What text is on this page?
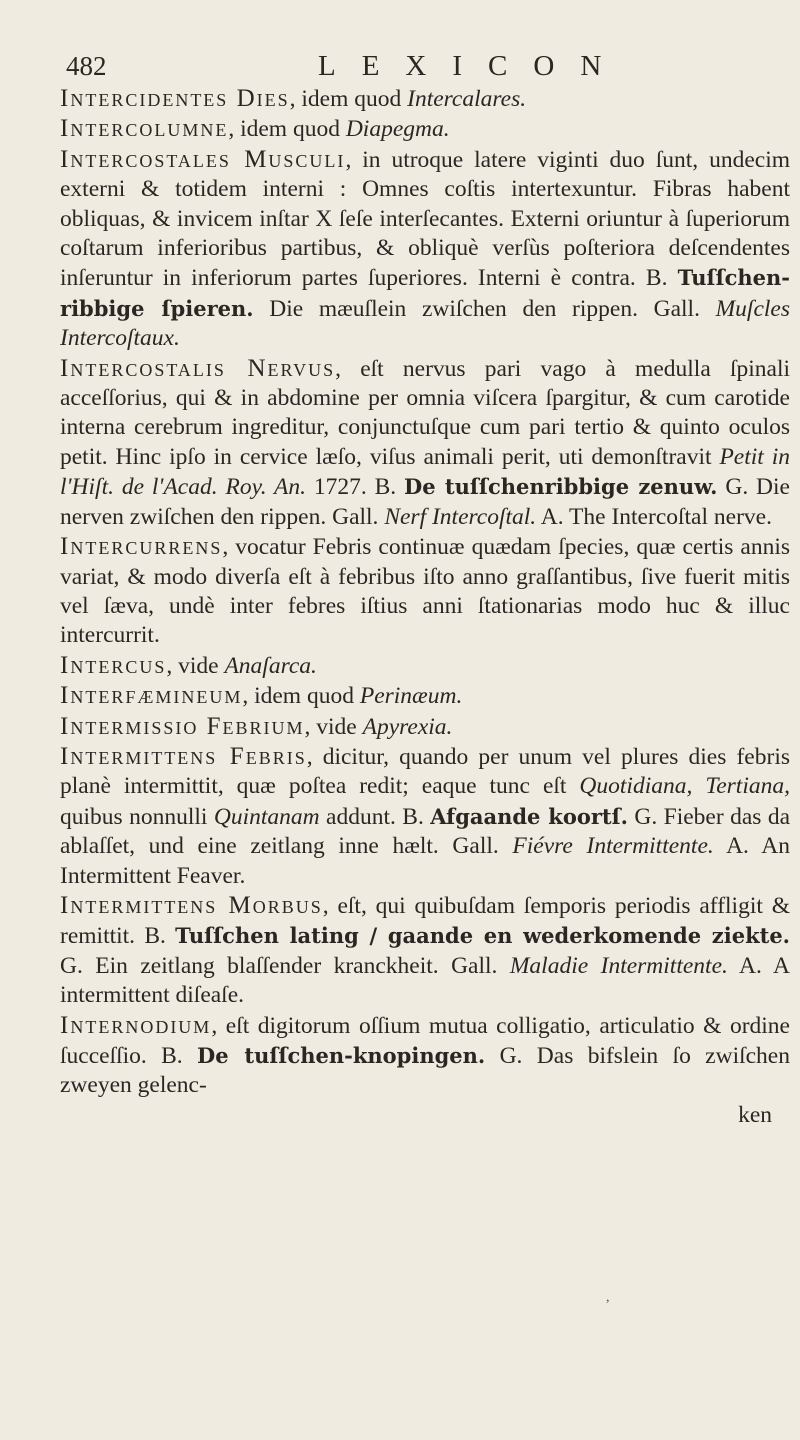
482	LEXICON

Intercidentes Dies, idem quod Intercalares.

Intercolumne, idem quod Diapegma.

Intercostales Musculi, in utroque latere viginti duo ſunt, undecim externi & totidem interni : Omnes coſtis intertexuntur. Fibras habent obliquas, & invicem inſtar X ſeſe interſecantes. Externi oriuntur à ſuperiorum coſtarum inferioribus partibus, & obliquè verſùs poſteriora deſcendentes inſeruntur in inferiorum partes ſuperiores. Interni è contra. B. Tuſſchen-ribbige ſpieren. Die mæuſlein zwiſchen den rippen. Gall. Muſcles Intercoſtaux.

Intercostalis Nervus, eſt nervus pari vago à medulla ſpinali acceſſorius, qui & in abdomine per omnia viſcera ſpargitur, & cum carotide interna cerebrum ingreditur, conjunctuſque cum pari tertio & quinto oculos petit. Hinc ipſo in cervice læſo, viſus animali perit, uti demonſtravit Petit in l'Hiſt. de l'Acad. Roy. An. 1727. B. De tuſſchenribbige zenuw. G. Die nerven zwiſchen den rippen. Gall. Nerf Intercoſtal. A. The Intercoſtal nerve.

Intercurrens, vocatur Febris continuæ quædam ſpecies, quæ certis annis variat, & modo diverſa eſt à febribus iſto anno graſſantibus, ſive fuerit mitis vel ſæva, undè inter febres iſtius anni ſtationarias modo huc & illuc intercurrit.

Intercus, vide Anaſarca.

Interfæmineum, idem quod Perinæum.

Intermissio Febrium, vide Apyrexia.

Intermittens Febris, dicitur, quando per unum vel plures dies febris planè intermittit, quæ poſtea redit; eaque tunc eſt Quotidiana, Tertiana, quibus nonnulli Quintanam addunt. B. Afgaande koortſ. G. Fieber das da ablaſſet, und eine zeitlang inne hælt. Gall. Fiévre Intermittente. A. An Intermittent Feaver.

Intermittens Morbus, eſt, qui quibuſdam ſemporis periodis affligit & remittit. B. Tuſſchen lating / gaande en wederkomende ziekte. G. Ein zeitlang blaſſender kranckheit. Gall. Maladie Intermittente. A. A intermittent diſeaſe.

Internodium, eſt digitorum oſſium mutua colligatio, articulatio & ordine ſucceſſio. B. De tuſſchen-knopingen. G. Das bifslein ſo zwiſchen zweyen gelenc-

ken

,
